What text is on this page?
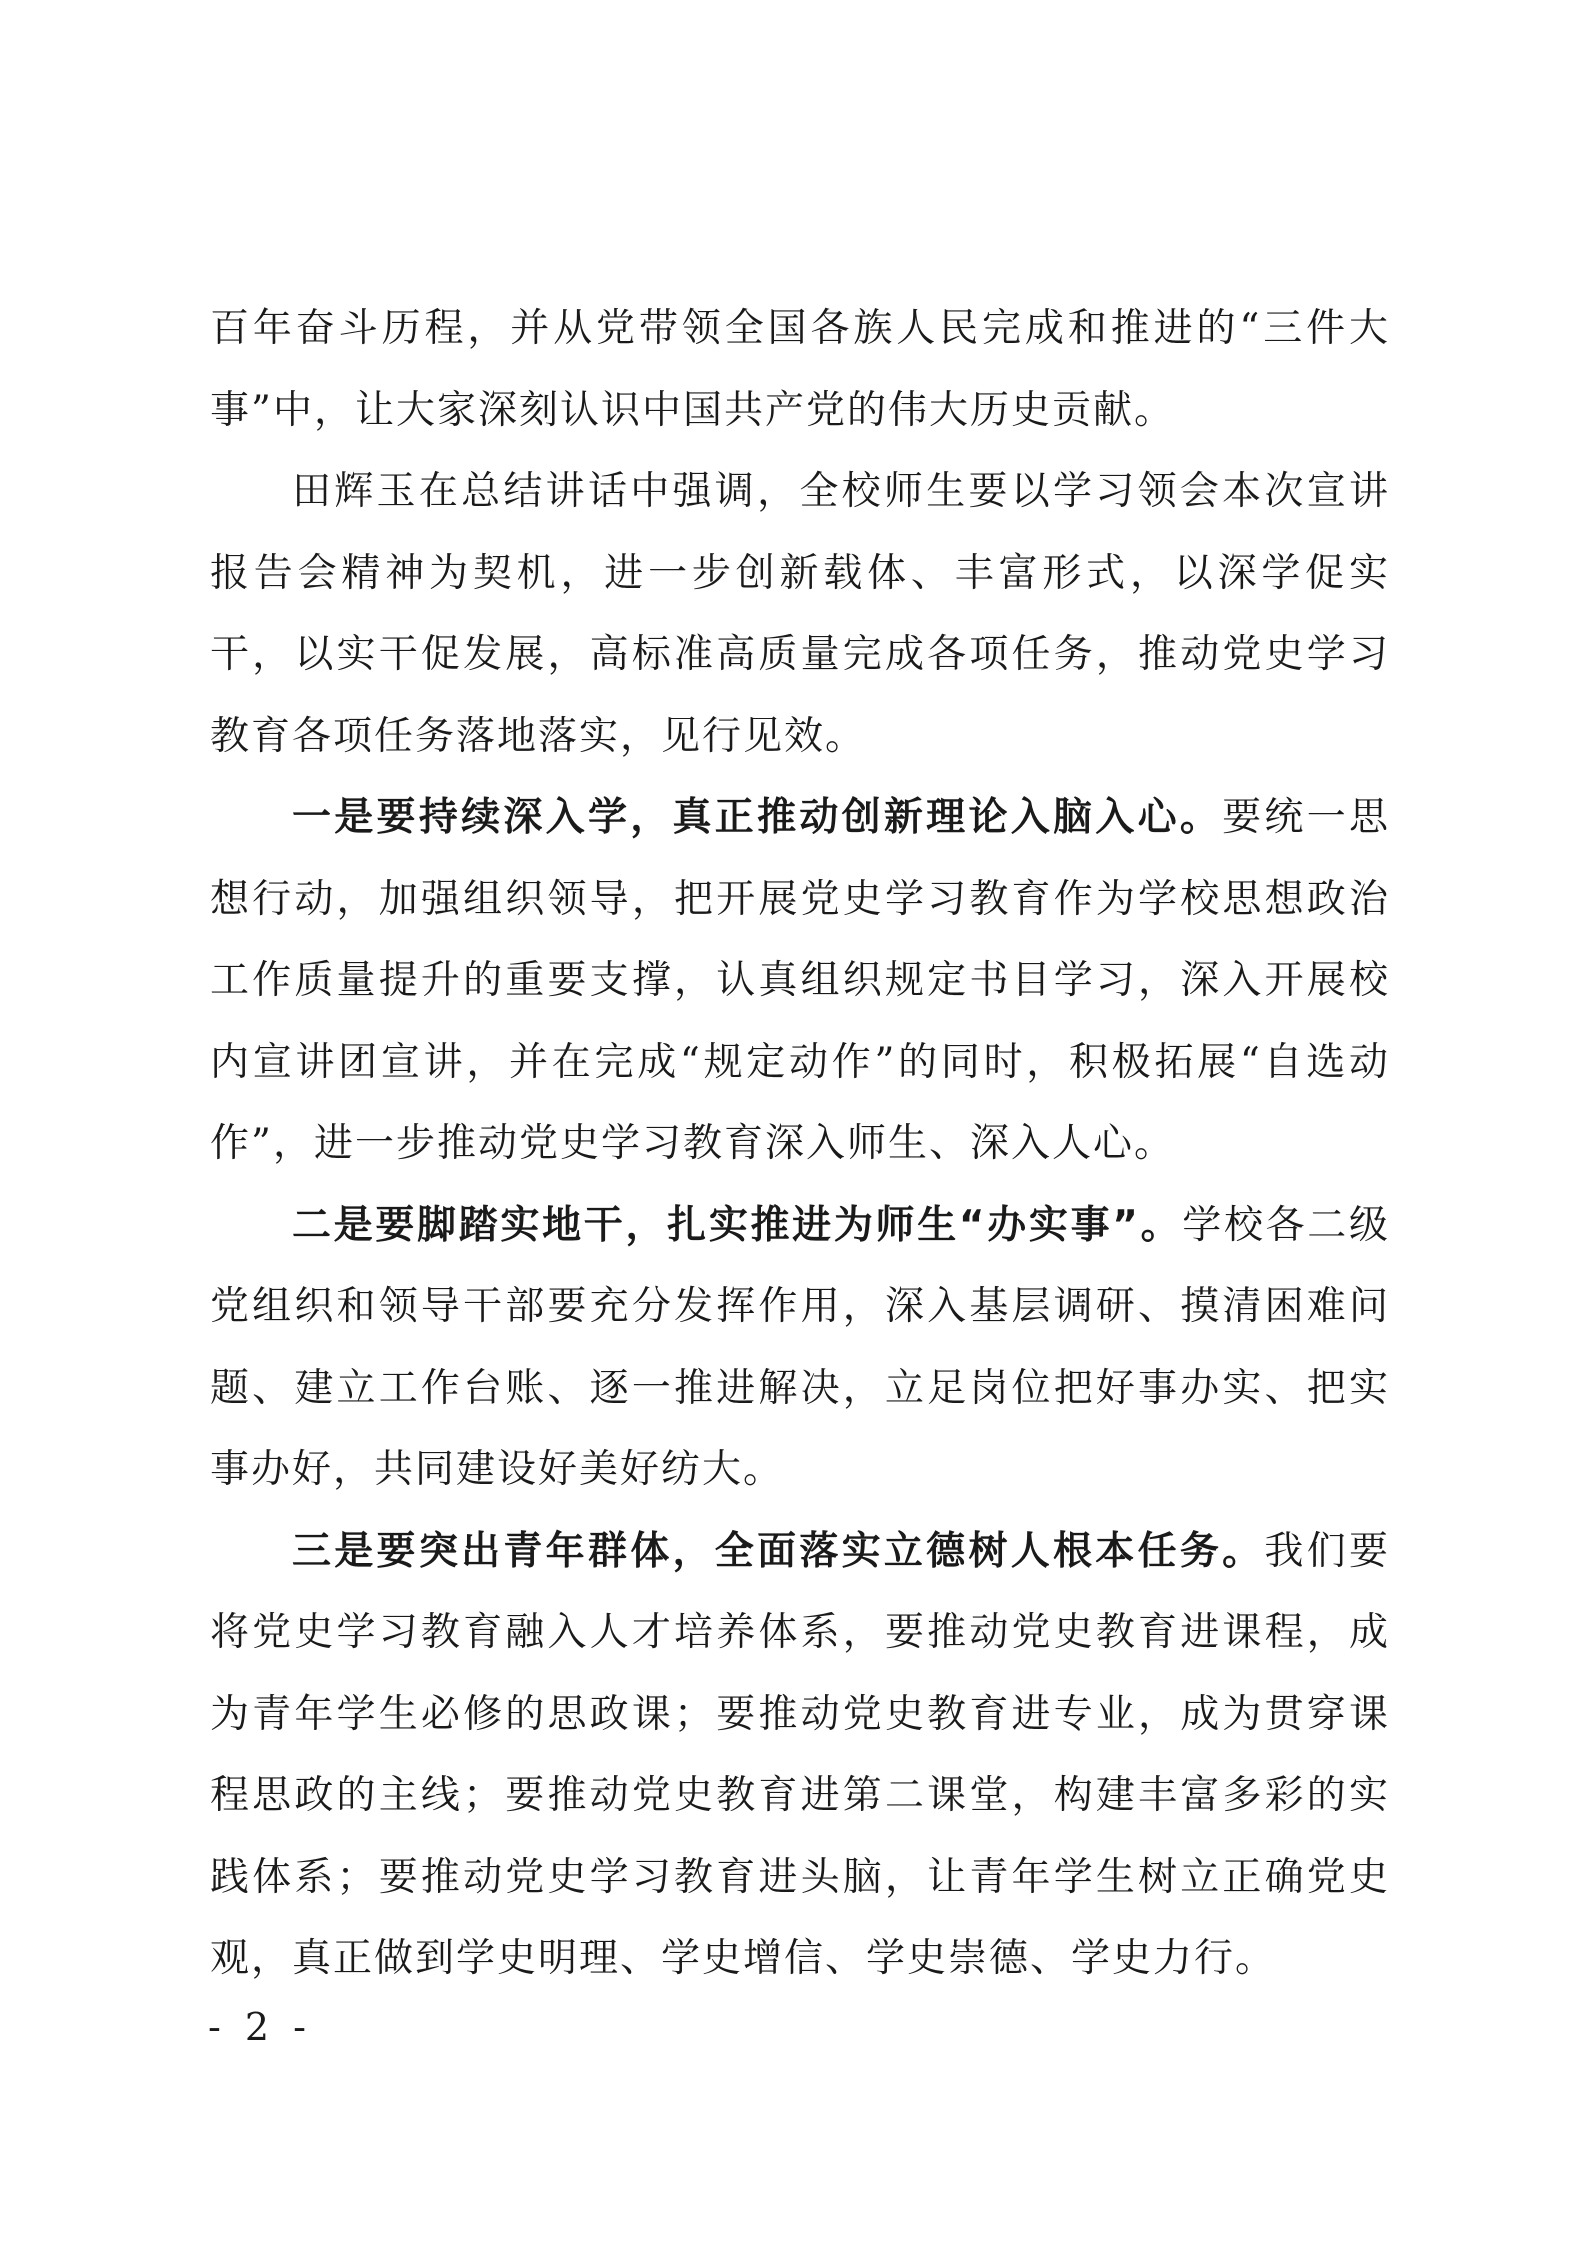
百年奋斗历程，并从党带领全国各族人民完成和推进的“三件大事”中，让大家深刻认识中国共产党的伟大历史贡献。

田辉玉在总结讲话中强调，全校师生要以学习领会本次宣讲报告会精神为契机，进一步创新载体、丰富形式，以深学促实干，以实干促发展，高标准高质量完成各项任务，推动党史学习教育各项任务落地落实，见行见效。

一是要持续深入学，真正推动创新理论入脑入心。要统一思想行动，加强组织领导，把开展党史学习教育作为学校思想政治工作质量提升的重要支撑，认真组织规定书目学习，深入开展校内宣讲团宣讲，并在完成“规定动作”的同时，积极拓展“自选动作”，进一步推动党史学习教育深入师生、深入人心。

二是要脚踏实地干，扎实推进为师生“办实事”。学校各二级党组织和领导干部要充分发挥作用，深入基层调研、摸清困难问题、建立工作台账、逐一推进解决，立足岗位把好事办实、把实事办好，共同建设好美好纺大。

三是要突出青年群体，全面落实立德树人根本任务。我们要将党史学习教育融入人才培养体系，要推动党史教育进课程，成为青年学生必修的思政课；要推动党史教育进专业，成为贯穿课程思政的主线；要推动党史教育进第二课堂，构建丰富多彩的实践体系；要推动党史学习教育进头脑，让青年学生树立正确党史观，真正做到学史明理、学史增信、学史崇德、学史力行。

- 2 -
